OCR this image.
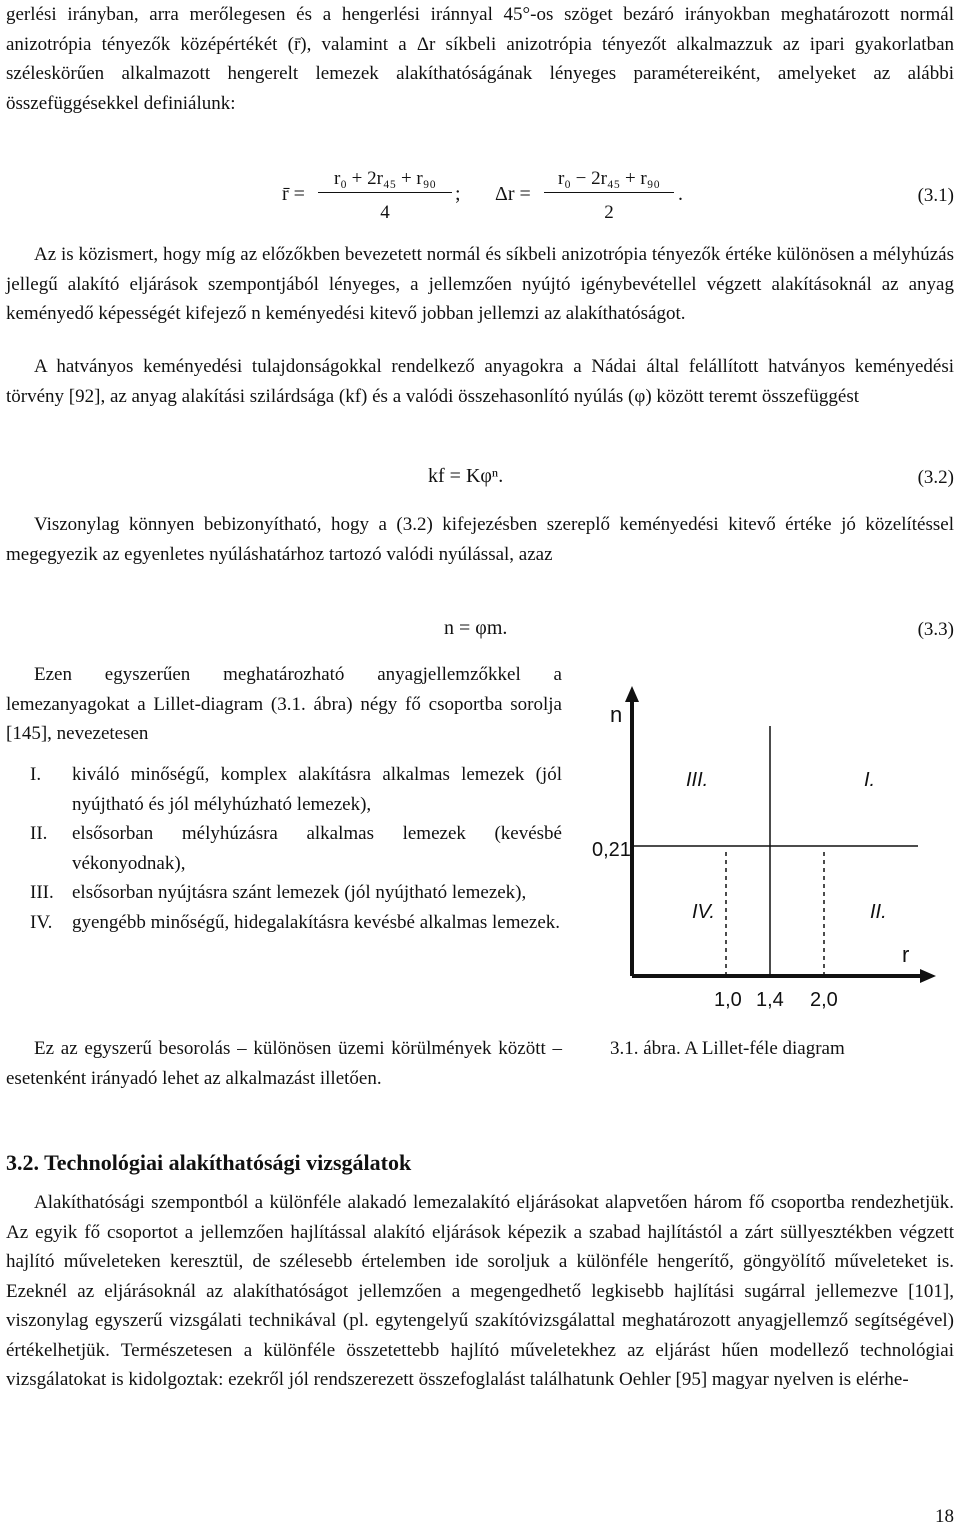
gerlési irányban, arra merőlegesen és a hengerlési iránnyal 45°-os szöget bezáró irányokban meghatározott normál anizotrópia tényezők középértékét (r̄), valamint a Δr síkbeli anizotrópia tényezőt alkalmazzuk az ipari gyakorlatban széleskörűen alkalmazott hengerelt lemezek alakíthatóságának lényeges paramétereiként, amelyeket az alábbi összefüggésekkel definiálunk:

r̄ =
r₀ + 2r₄₅ + r₉₀
4
; Δr =
r₀ − 2r₄₅ + r₉₀
2
.	(3.1)

Az is közismert, hogy míg az előzőkben bevezetett normál és síkbeli anizotrópia tényezők értéke különösen a mélyhúzás jellegű alakító eljárások szempontjából lényeges, a jellemzően nyújtó igénybevétellel végzett alakításoknál az anyag keményedő képességét kifejező n keményedési kitevő jobban jellemzi az alakíthatóságot.

A hatványos keményedési tulajdonságokkal rendelkező anyagokra a Nádai által felállított hatványos keményedési törvény [92], az anyag alakítási szilárdsága (kf) és a valódi összehasonlító nyúlás (φ) között teremt összefüggést

kf = Kφⁿ.	(3.2)

Viszonylag könnyen bebizonyítható, hogy a (3.2) kifejezésben szereplő keményedési kitevő értéke jó közelítéssel megegyezik az egyenletes nyúláshatárhoz tartozó valódi nyúlással, azaz

n = φm.	(3.3)

Ezen egyszerűen meghatározható anyagjellemzőkkel a lemezanyagokat a Lillet-diagram (3.1. ábra) négy fő csoportba sorolja [145], nevezetesen

I. kiváló minőségű, komplex alakításra alkalmas lemezek (jól nyújtható és jól mélyhúzható lemezek),
II. elsősorban mélyhúzásra alkalmas lemezek (kevésbé vékonyodnak),
III. elsősorban nyújtásra szánt lemezek (jól nyújtható lemezek),
IV. gyengébb minőségű, hidegalakításra kevésbé alkalmas lemezek.

Ez az egyszerű besorolás – különösen üzemi körülmények között – esetenként irányadó lehet az alkalmazást illetően.

n
r
0,21
1,0 1,4 2,0
III.	I.
IV.	II.
3.1. ábra. A Lillet-féle diagram
3.2. Technológiai alakíthatósági vizsgálatok

Alakíthatósági szempontból a különféle alakadó lemezalakító eljárásokat alapvetően három fő csoportba rendezhetjük. Az egyik fő csoportot a jellemzően hajlítással alakító eljárások képezik a szabad hajlítástól a zárt süllyesztékben végzett hajlító műveleteken keresztül, de szélesebb értelemben ide soroljuk a különféle hengerítő, göngyölítő műveleteket is. Ezeknél az eljárásoknál az alakíthatóságot jellemzően a megengedhető legkisebb hajlítási sugárral jellemezve [101], viszonylag egyszerű vizsgálati technikával (pl. egytengelyű szakítóvizsgálattal meghatározott anyagjellemző segítségével) értékelhetjük. Természetesen a különféle összetettebb hajlító műveletekhez az eljárást hűen modellező technológiai vizsgálatokat is kidolgoztak: ezekről jól rendszerezett összefoglalást találhatunk Oehler [95] magyar nyelven is elérhe-

18
